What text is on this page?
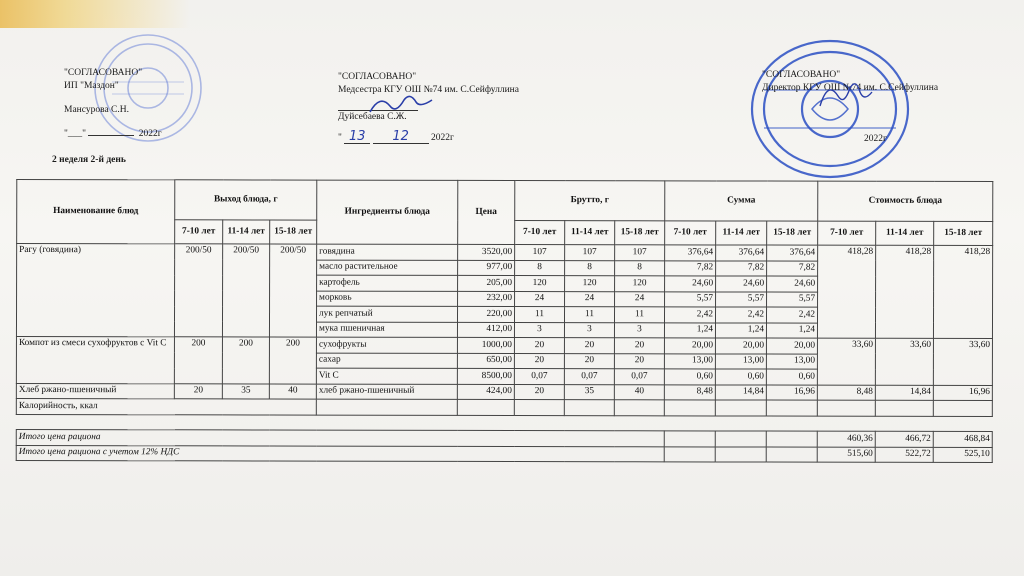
"СОГЛАСОВАНО"
ИП "Маздон"
Мансурова С.Н.
"___"	2022г
"СОГЛАСОВАНО"
Медсестра КГУ ОШ №74 им. С.Сейфуллина
Дуйсебаева С.Ж.
" 13 12 2022г
"СОГЛАСОВАНО"
Директор КГУ ОШ №74 им. С.Сейфуллина
2022г
2 неделя 2-й день
Наименование блюд	Выход блюда, г			Ингредиенты блюда	Цена	Брутто, г			Сумма			Стоимость блюда		
	7-10 лет	11-14 лет	15-18 лет			7-10 лет	11-14 лет	15-18 лет	7-10 лет	11-14 лет	15-18 лет	7-10 лет	11-14 лет	15-18 лет
Рагу (говядина)	200/50	200/50	200/50	говядина	3520,00	107	107	107	376,64	376,64	376,64	418,28	418,28	418,28
				масло растительное	977,00	8	8	8	7,82	7,82	7,82			
				картофель	205,00	120	120	120	24,60	24,60	24,60			
				морковь	232,00	24	24	24	5,57	5,57	5,57			
				лук репчатый	220,00	11	11	11	2,42	2,42	2,42			
				мука пшеничная	412,00	3	3	3	1,24	1,24	1,24			
Компот из смеси сухофруктов с Vit C	200	200	200	сухофрукты	1000,00	20	20	20	20,00	20,00	20,00	33,60	33,60	33,60
				сахар	650,00	20	20	20	13,00	13,00	13,00			
				Vit C	8500,00	0,07	0,07	0,07	0,60	0,60	0,60			
Хлеб ржано-пшеничный	20	35	40	хлеб ржано-пшеничный	424,00	20	35	40	8,48	14,84	16,96	8,48	14,84	16,96
Калорийность, ккал														

Итого цена рациона												460,36	466,72	468,84
Итого цена рациона с учетом 12% НДС												515,60	522,72	525,10
